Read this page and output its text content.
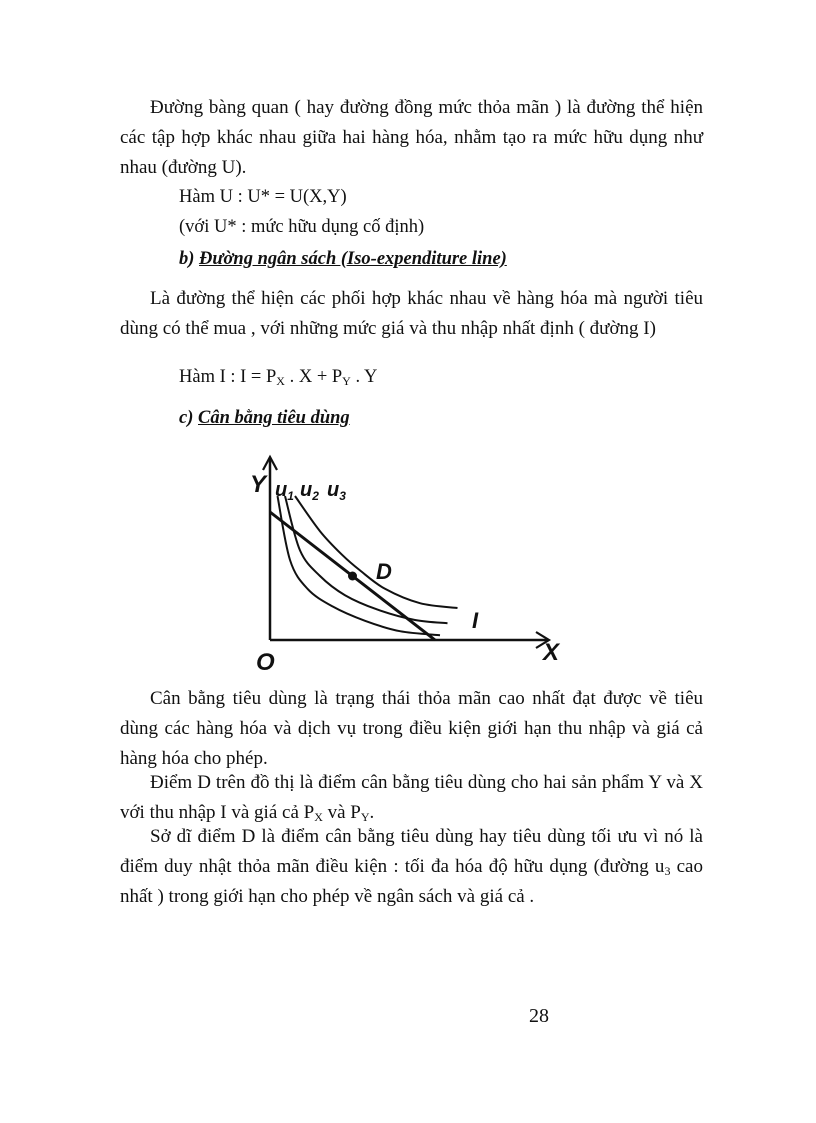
Đường bàng quan ( hay đường đồng mức thỏa mãn ) là đường thể hiện các tập hợp khác nhau giữa hai hàng hóa, nhằm tạo ra mức hữu dụng như nhau (đường U).
Hàm U : U* = U(X,Y)
(với U* : mức hữu dụng cố định)
b) Đường ngân sách (Iso-expenditure line)
Là đường thể hiện các phối hợp khác nhau về hàng hóa mà người tiêu dùng có thể mua , với những mức giá và thu nhập nhất định ( đường I)
Hàm I : $I = P_X$ . $X + P_Y$ . Y
c) Cân bằng tiêu dùng
Y
X
O
D
I
$u_1$ $u_2$ $u_3$
Cân bằng tiêu dùng là trạng thái thỏa mãn cao nhất đạt được về tiêu dùng các hàng hóa và dịch vụ trong điều kiện giới hạn thu nhập và giá cả hàng hóa cho phép.
Điểm D trên đồ thị là điểm cân bằng tiêu dùng cho hai sản phẩm Y và X với thu nhập I và giá cả $P_X$ và $P_Y$.
Sở dĩ điểm D là điểm cân bằng tiêu dùng hay tiêu dùng tối ưu vì nó là điểm duy nhật thỏa mãn điều kiện : tối đa hóa độ hữu dụng (đường $u_3$ cao nhất ) trong giới hạn cho phép về ngân sách và giá cả .
28
